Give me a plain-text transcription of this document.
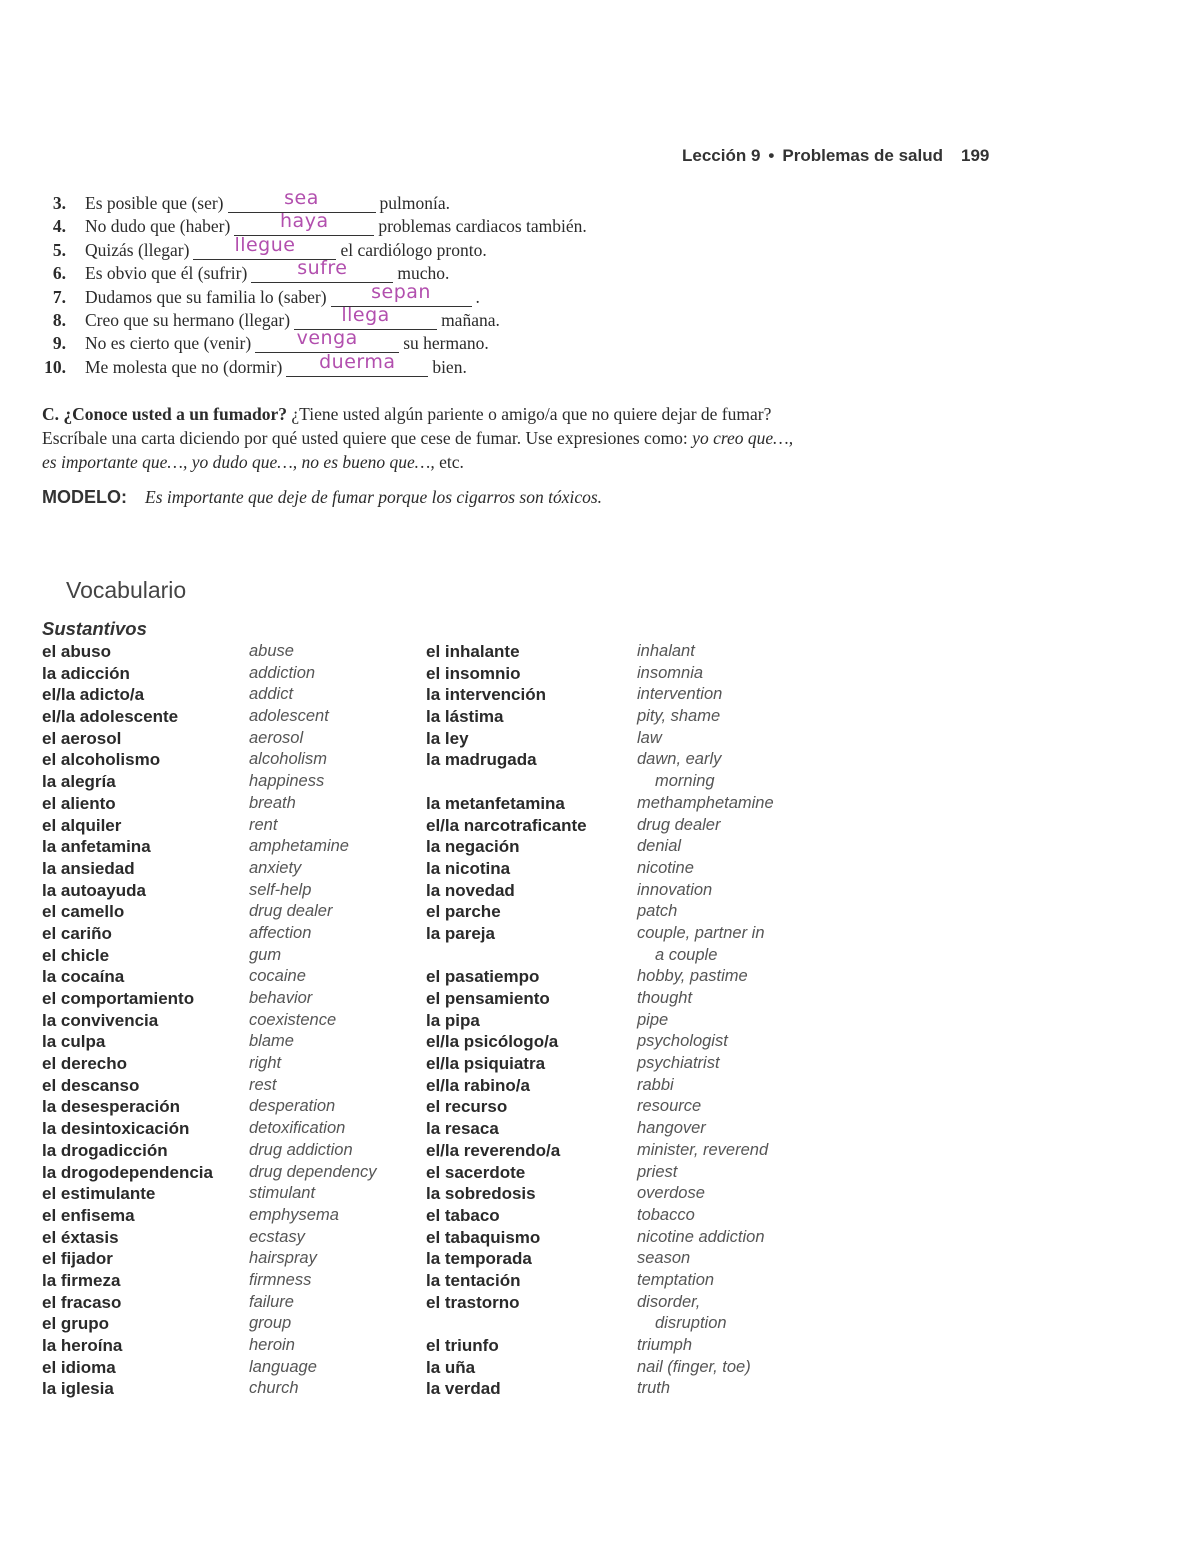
Lección 9 • Problemas de salud 199
3. Es posible que (ser)	sea	pulmonía.
4. No dudo que (haber)	haya	problemas cardiacos también.
5. Quizás (llegar)	llegue	el cardiólogo pronto.
6. Es obvio que él (sufrir)	sufre	mucho.
7. Dudamos que su familia lo (saber)	sepan	.
8. Creo que su hermano (llegar)	llega	mañana.
9. No es cierto que (venir)	venga	su hermano.
10. Me molesta que no (dormir)	duerma	bien.
C. ¿Conoce usted a un fumador? ¿Tiene usted algún pariente o amigo/a que no quiere dejar de fumar? Escríbale una carta diciendo por qué usted quiere que cese de fumar. Use expresiones como: yo creo que…, es importante que…, yo dudo que…, no es bueno que…, etc.
MODELO: Es importante que deje de fumar porque los cigarros son tóxicos.
Vocabulario
Sustantivos
el abuso	abuse
la adicción	addiction
el/la adicto/a	addict
el/la adolescente	adolescent
el aerosol	aerosol
el alcoholismo	alcoholism
la alegría	happiness
el aliento	breath
el alquiler	rent
la anfetamina	amphetamine
la ansiedad	anxiety
la autoayuda	self-help
el camello	drug dealer
el cariño	affection
el chicle	gum
la cocaína	cocaine
el comportamiento	behavior
la convivencia	coexistence
la culpa	blame
el derecho	right
el descanso	rest
la desesperación	desperation
la desintoxicación	detoxification
la drogadicción	drug addiction
la drogodependencia	drug dependency
el estimulante	stimulant
el enfisema	emphysema
el éxtasis	ecstasy
el fijador	hairspray
la firmeza	firmness
el fracaso	failure
el grupo	group
la heroína	heroin
el idioma	language
la iglesia	church
el inhalante	inhalant
el insomnio	insomnia
la intervención	intervention
la lástima	pity, shame
la ley	law
la madrugada	dawn, early
morning
la metanfetamina	methamphetamine
el/la narcotraficante	drug dealer
la negación	denial
la nicotina	nicotine
la novedad	innovation
el parche	patch
la pareja	couple, partner in
a couple
el pasatiempo	hobby, pastime
el pensamiento	thought
la pipa	pipe
el/la psicólogo/a	psychologist
el/la psiquiatra	psychiatrist
el/la rabino/a	rabbi
el recurso	resource
la resaca	hangover
el/la reverendo/a	minister, reverend
el sacerdote	priest
la sobredosis	overdose
el tabaco	tobacco
el tabaquismo	nicotine addiction
la temporada	season
la tentación	temptation
el trastorno	disorder,
disruption
el triunfo	triumph
la uña	nail (finger, toe)
la verdad	truth
